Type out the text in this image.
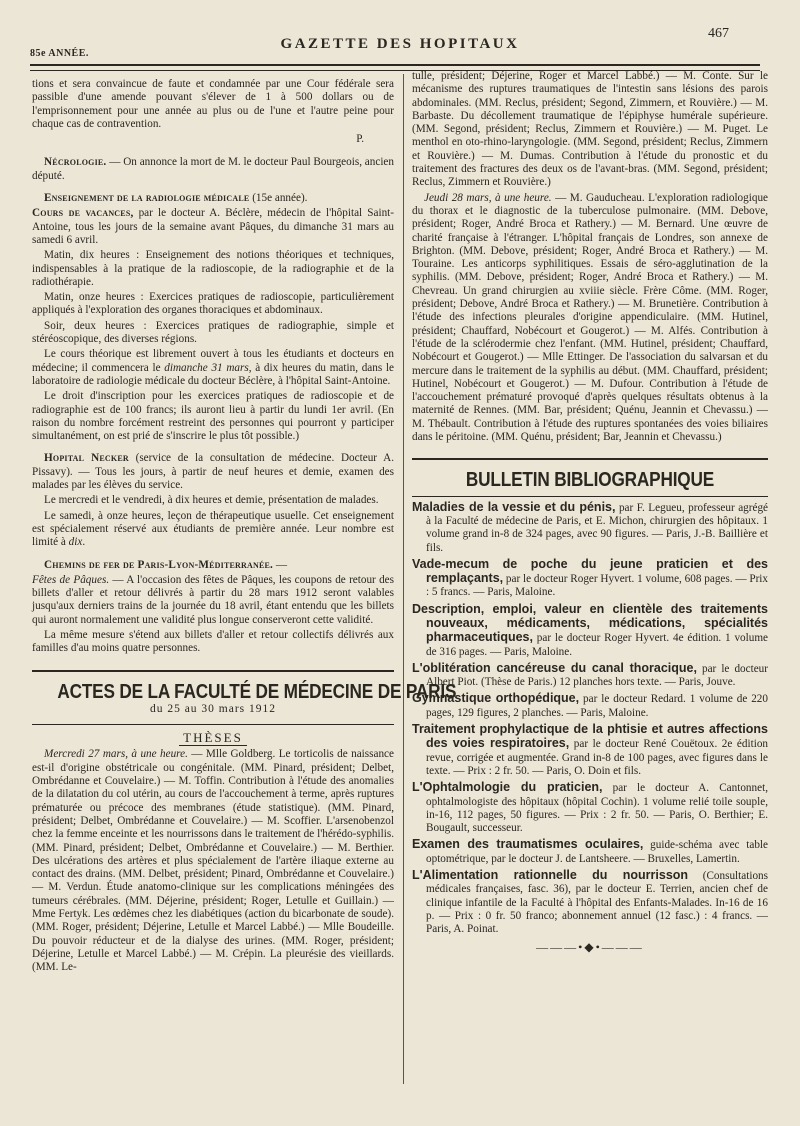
85e ANNÉE.
GAZETTE DES HOPITAUX
467

tions et sera convaincue de faute et condamnée par une Cour fédérale sera passible d'une amende pouvant s'élever de 1 à 500 dollars ou de l'emprisonnement pour une année au plus ou de l'une et l'autre peine pour chaque cas de contravention.

P.

Nécrologie. — On annonce la mort de M. le docteur Paul Bourgeois, ancien député.

Enseignement de la radiologie médicale (15e année).

Cours de vacances, par le docteur A. Béclère, médecin de l'hôpital Saint-Antoine, tous les jours de la semaine avant Pâques, du dimanche 31 mars au samedi 6 avril.

Matin, dix heures : Enseignement des notions théoriques et techniques, indispensables à la pratique de la radioscopie, de la radiographie et de la radiothérapie.

Matin, onze heures : Exercices pratiques de radioscopie, particulièrement appliqués à l'exploration des organes thoraciques et abdominaux.

Soir, deux heures : Exercices pratiques de radiographie, simple et stéréoscopique, des diverses régions.

Le cours théorique est librement ouvert à tous les étudiants et docteurs en médecine; il commencera le dimanche 31 mars, à dix heures du matin, dans le laboratoire de radiologie médicale du docteur Béclère, à l'hôpital Saint-Antoine.

Le droit d'inscription pour les exercices pratiques de radioscopie et de radiographie est de 100 francs; ils auront lieu à partir du lundi 1er avril. (En raison du nombre forcément restreint des personnes qui pourront y participer simultanément, on est prié de s'inscrire le plus tôt possible.)

Hopital Necker (service de la consultation de médecine. Docteur A. Pissavy). — Tous les jours, à partir de neuf heures et demie, examen des malades par les élèves du service.

Le mercredi et le vendredi, à dix heures et demie, présentation de malades.

Le samedi, à onze heures, leçon de thérapeutique usuelle. Cet enseignement est spécialement réservé aux étudiants de première année. Leur nombre est limité à dix.

Chemins de fer de Paris-Lyon-Méditerranée. —

Fêtes de Pâques. — A l'occasion des fêtes de Pâques, les coupons de retour des billets d'aller et retour délivrés à partir du 28 mars 1912 seront valables jusqu'aux derniers trains de la journée du 18 avril, étant entendu que les billets qui auront normalement une validité plus longue conserveront cette validité.

La même mesure s'étend aux billets d'aller et retour collectifs délivrés aux familles d'au moins quatre personnes.

ACTES DE LA FACULTÉ DE MÉDECINE DE PARIS
du 25 au 30 mars 1912
THÈSES

Mercredi 27 mars, à une heure. — Mlle Goldberg. Le torticolis de naissance est-il d'origine obstétricale ou congénitale. (MM. Pinard, président; Delbet, Ombrédanne et Couvelaire.) — M. Toffin. Contribution à l'étude des anomalies de la dilatation du col utérin, au cours de l'accouchement à terme, après ruptures prématurée ou précoce des membranes (étude statistique). (MM. Pinard, président; Delbet, Ombrédanne et Couvelaire.) — M. Scoffier. L'arsenobenzol chez la femme enceinte et les nourrissons dans le traitement de l'hérédo-syphilis. (MM. Pinard, président; Delbet, Ombrédanne et Couvelaire.) — M. Berthier. Des ulcérations des artères et plus spécialement de l'artère iliaque externe au contact des drains. (MM. Delbet, président; Pinard, Ombrédanne et Couvelaire.) — M. Verdun. Étude anatomo-clinique sur les complications méningées des tumeurs cérébrales. (MM. Déjerine, président; Roger, Letulle et Guillain.) — Mme Fertyk. Les œdèmes chez les diabétiques (action du bicarbonate de soude). (MM. Roger, président; Déjerine, Letulle et Marcel Labbé.) — Mlle Boudeille. Du pouvoir réducteur et de la dialyse des urines. (MM. Roger, président; Déjerine, Letulle et Marcel Labbé.) — M. Crépin. La pleurésie des vieillards. (MM. Le-

tulle, président; Déjerine, Roger et Marcel Labbé.) — M. Conte. Sur le mécanisme des ruptures traumatiques de l'intestin sans lésions des parois abdominales. (MM. Reclus, président; Segond, Zimmern, et Rouvière.) — M. Barbaste. Du décollement traumatique de l'épiphyse humérale supérieure. (MM. Segond, président; Reclus, Zimmern et Rouvière.) — M. Puget. Le menthol en oto-rhino-laryngologie. (MM. Segond, président; Reclus, Zimmern et Rouvière.) — M. Dumas. Contribution à l'étude du pronostic et du traitement des fractures des deux os de l'avant-bras. (MM. Segond, président; Reclus, Zimmern et Rouvière.)

Jeudi 28 mars, à une heure. — M. Gauducheau. L'exploration radiologique du thorax et le diagnostic de la tuberculose pulmonaire. (MM. Debove, président; Roger, André Broca et Rathery.) — M. Bernard. Une œuvre de charité française à l'étranger. L'hôpital français de Londres, son annexe de Brighton. (MM. Debove, président; Roger, André Broca et Rathery.) — M. Touraine. Les anticorps syphilitiques. Essais de séro-agglutination de la syphilis. (MM. Debove, président; Roger, André Broca et Rathery.) — M. Chevreau. Un grand chirurgien au xviiie siècle. Frère Côme. (MM. Roger, président; Debove, André Broca et Rathery.) — M. Brunetière. Contribution à l'étude des infections pleurales d'origine appendiculaire. (MM. Hutinel, président; Chauffard, Nobécourt et Gougerot.) — M. Alfés. Contribution à l'étude de la sclérodermie chez l'enfant. (MM. Hutinel, président; Chauffard, Nobécourt et Gougerot.) — Mlle Ettinger. De l'association du salvarsan et du mercure dans le traitement de la syphilis au début. (MM. Chauffard, président; Hutinel, Nobécourt et Gougerot.) — M. Dufour. Contribution à l'étude de l'accouchement prématuré provoqué d'après quelques résultats obtenus à la maternité de Rennes. (MM. Bar, président; Quénu, Jeannin et Chevassu.) — M. Thébault. Contribution à l'étude des ruptures spontanées des voies biliaires dans le péritoine. (MM. Quénu, président; Bar, Jeannin et Chevassu.)

BULLETIN BIBLIOGRAPHIQUE

Maladies de la vessie et du pénis, par F. Legueu, professeur agrégé à la Faculté de médecine de Paris, et E. Michon, chirurgien des hôpitaux. 1 volume grand in-8 de 324 pages, avec 90 figures. — Paris, J.-B. Baillière et fils.

Vade-mecum de poche du jeune praticien et des remplaçants, par le docteur Roger Hyvert. 1 volume, 608 pages. — Prix : 5 francs. — Paris, Maloine.

Description, emploi, valeur en clientèle des traitements nouveaux, médicaments, médications, spécialités pharmaceutiques, par le docteur Roger Hyvert. 4e édition. 1 volume de 316 pages. — Paris, Maloine.

L'oblitération cancéreuse du canal thoracique, par le docteur Albert Piot. (Thèse de Paris.) 12 planches hors texte. — Paris, Jouve.

Gymnastique orthopédique, par le docteur Redard. 1 volume de 220 pages, 129 figures, 2 planches. — Paris, Maloine.

Traitement prophylactique de la phtisie et autres affections des voies respiratoires, par le docteur René Couëtoux. 2e édition revue, corrigée et augmentée. Grand in-8 de 100 pages, avec figures dans le texte. — Prix : 2 fr. 50. — Paris, O. Doin et fils.

L'Ophtalmologie du praticien, par le docteur A. Cantonnet, ophtalmologiste des hôpitaux (hôpital Cochin). 1 volume relié toile souple, in-16, 112 pages, 50 figures. — Prix : 2 fr. 50. — Paris, O. Berthier; E. Bougault, successeur.

Examen des traumatismes oculaires, guide-schéma avec table optométrique, par le docteur J. de Lantsheere. — Bruxelles, Lamertin.

L'Alimentation rationnelle du nourrisson (Consultations médicales françaises, fasc. 36), par le docteur E. Terrien, ancien chef de clinique infantile de la Faculté à l'hôpital des Enfants-Malades. In-16 de 16 p. — Prix : 0 fr. 50 franco; abonnement annuel (12 fasc.) : 4 francs. — Paris, A. Poinat.

———•◆•———
